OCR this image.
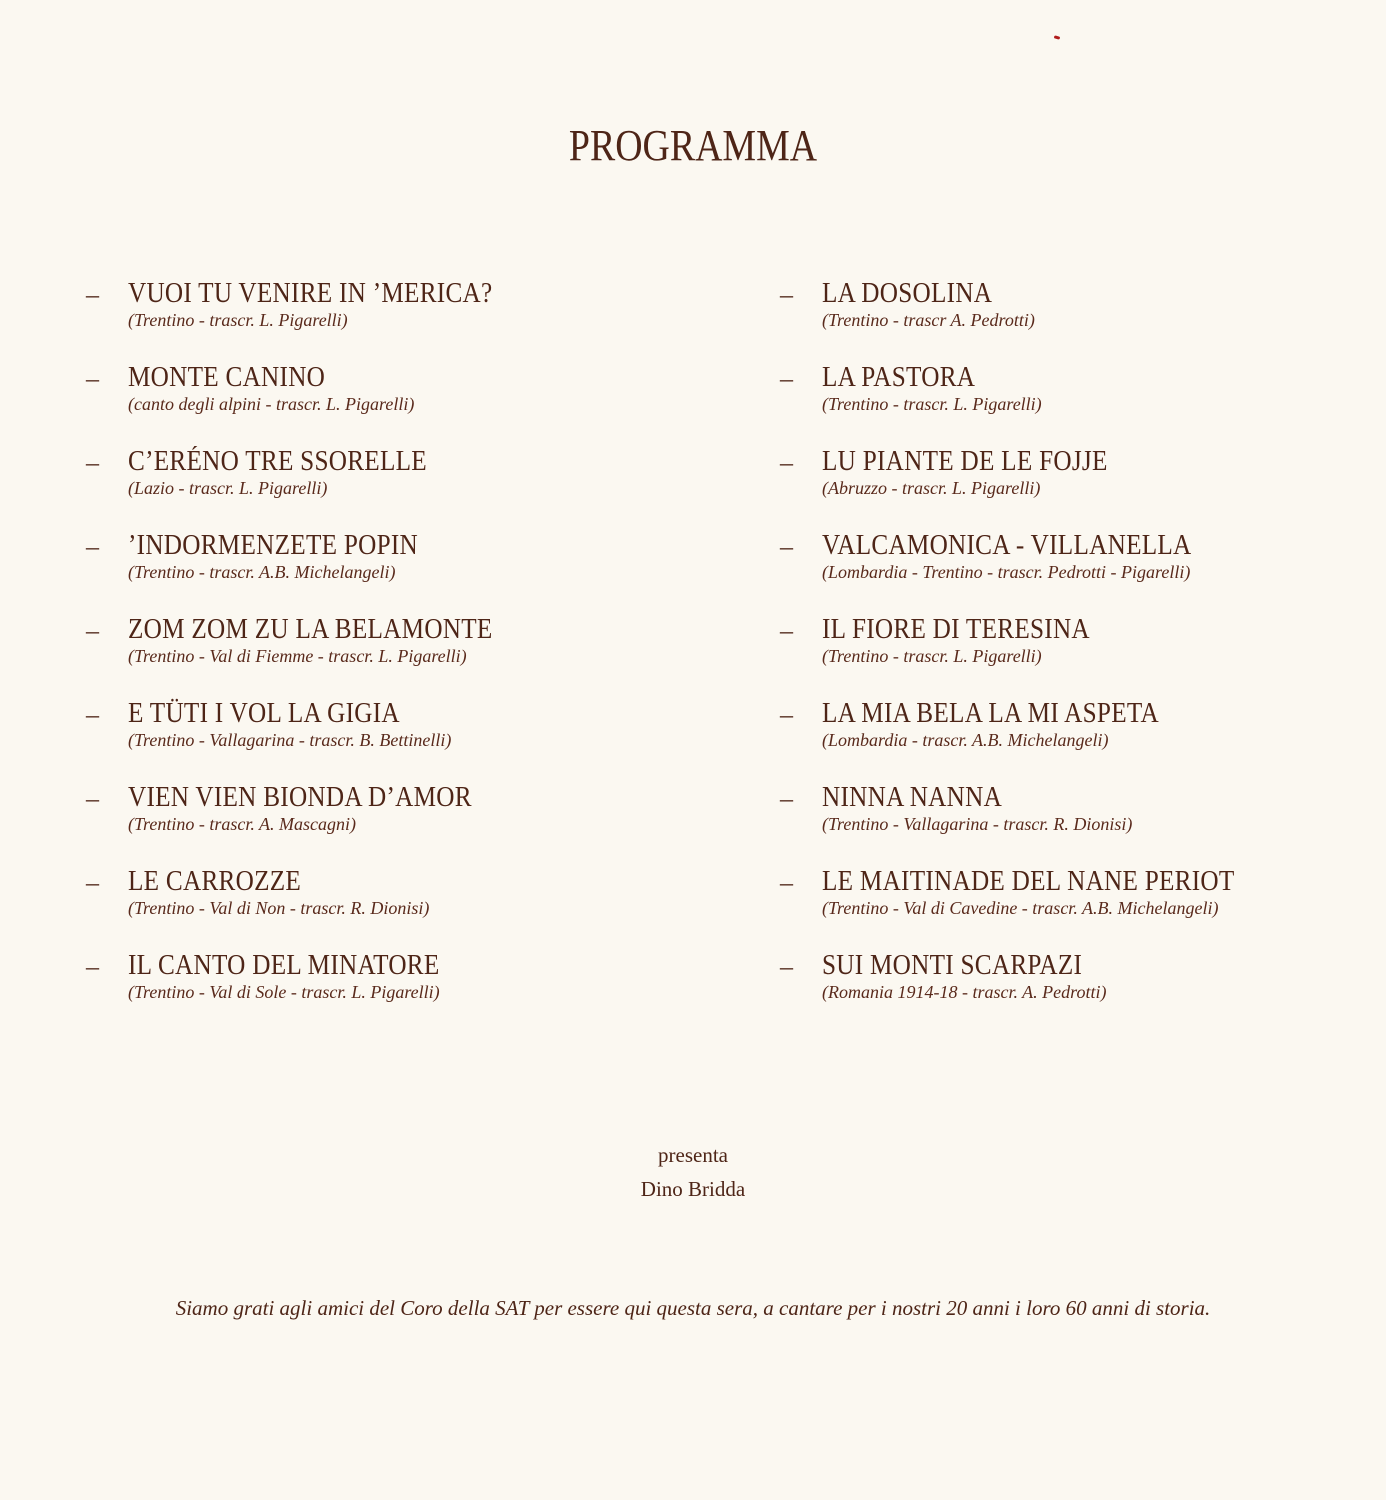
PROGRAMMA
– VUOI TU VENIRE IN ’MERICA?
(Trentino - trascr. L. Pigarelli)
– MONTE CANINO
(canto degli alpini - trascr. L. Pigarelli)
– C’ERÉNO TRE SSORELLE
(Lazio - trascr. L. Pigarelli)
– ’INDORMENZETE POPIN
(Trentino - trascr. A.B. Michelangeli)
– ZOM ZOM ZU LA BELAMONTE
(Trentino - Val di Fiemme - trascr. L. Pigarelli)
– E TÜTI I VOL LA GIGIA
(Trentino - Vallagarina - trascr. B. Bettinelli)
– VIEN VIEN BIONDA D’AMOR
(Trentino - trascr. A. Mascagni)
– LE CARROZZE
(Trentino - Val di Non - trascr. R. Dionisi)
– IL CANTO DEL MINATORE
(Trentino - Val di Sole - trascr. L. Pigarelli)
– LA DOSOLINA
(Trentino - trascr A. Pedrotti)
– LA PASTORA
(Trentino - trascr. L. Pigarelli)
– LU PIANTE DE LE FOJJE
(Abruzzo - trascr. L. Pigarelli)
– VALCAMONICA - VILLANELLA
(Lombardia - Trentino - trascr. Pedrotti - Pigarelli)
– IL FIORE DI TERESINA
(Trentino - trascr. L. Pigarelli)
– LA MIA BELA LA MI ASPETA
(Lombardia - trascr. A.B. Michelangeli)
– NINNA NANNA
(Trentino - Vallagarina - trascr. R. Dionisi)
– LE MAITINADE DEL NANE PERIOT
(Trentino - Val di Cavedine - trascr. A.B. Michelangeli)
– SUI MONTI SCARPAZI
(Romania 1914-18 - trascr. A. Pedrotti)
presenta
Dino Bridda
Siamo grati agli amici del Coro della SAT per essere qui questa sera, a cantare per i nostri 20 anni i loro 60 anni di storia.
